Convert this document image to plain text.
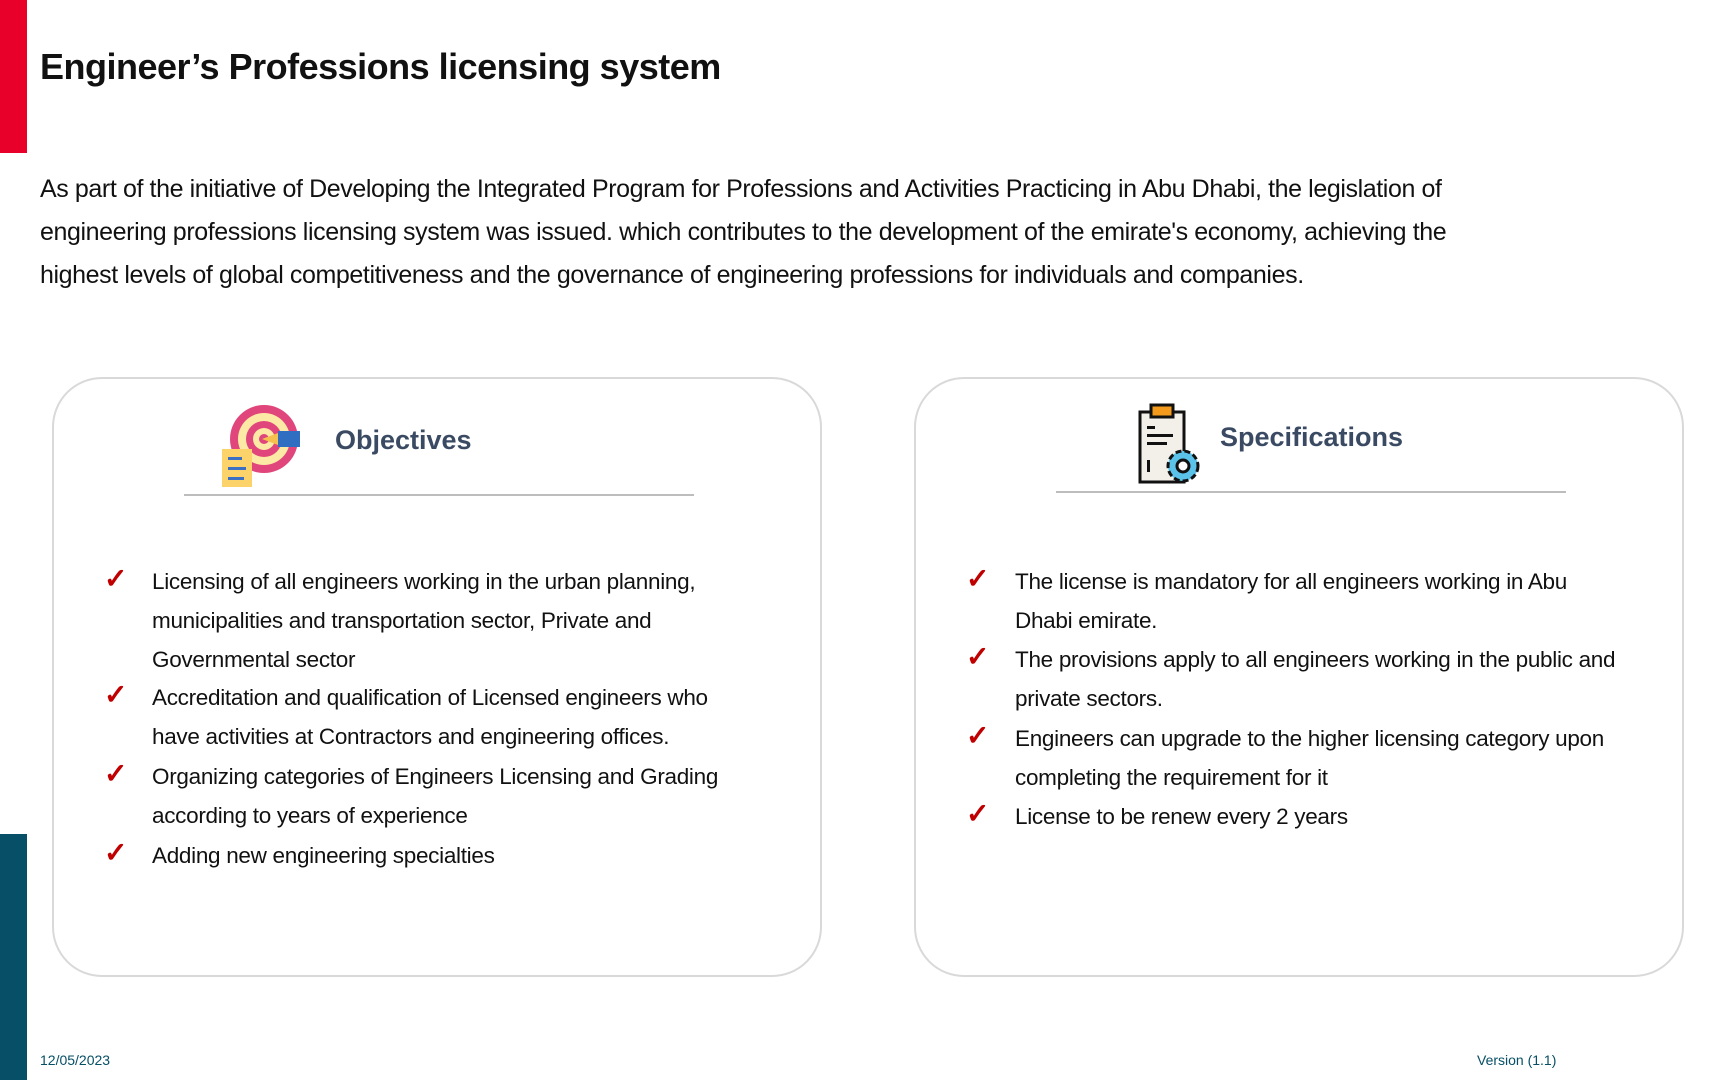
Engineer’s Professions licensing system
As part of the initiative of Developing the Integrated Program for Professions and Activities Practicing in Abu Dhabi, the legislation of
engineering professions licensing system was issued. which contributes to the development of the emirate's economy, achieving the
highest levels of global competitiveness and the governance of engineering professions for individuals and companies.
Objectives
✓ Licensing of all engineers working in the urban planning,
municipalities and transportation sector, Private and
Governmental sector
✓ Accreditation and qualification of Licensed engineers who
have activities at Contractors and engineering offices.
✓ Organizing categories of Engineers Licensing and Grading
according to years of experience
✓ Adding new engineering specialties
Specifications
✓ The license is mandatory for all engineers working in Abu
Dhabi emirate.
✓ The provisions apply to all engineers working in the public and
private sectors.
✓ Engineers can upgrade to the higher licensing category upon
completing the requirement for it
✓ License to be renew every 2 years
12/05/2023	Version (1.1)
